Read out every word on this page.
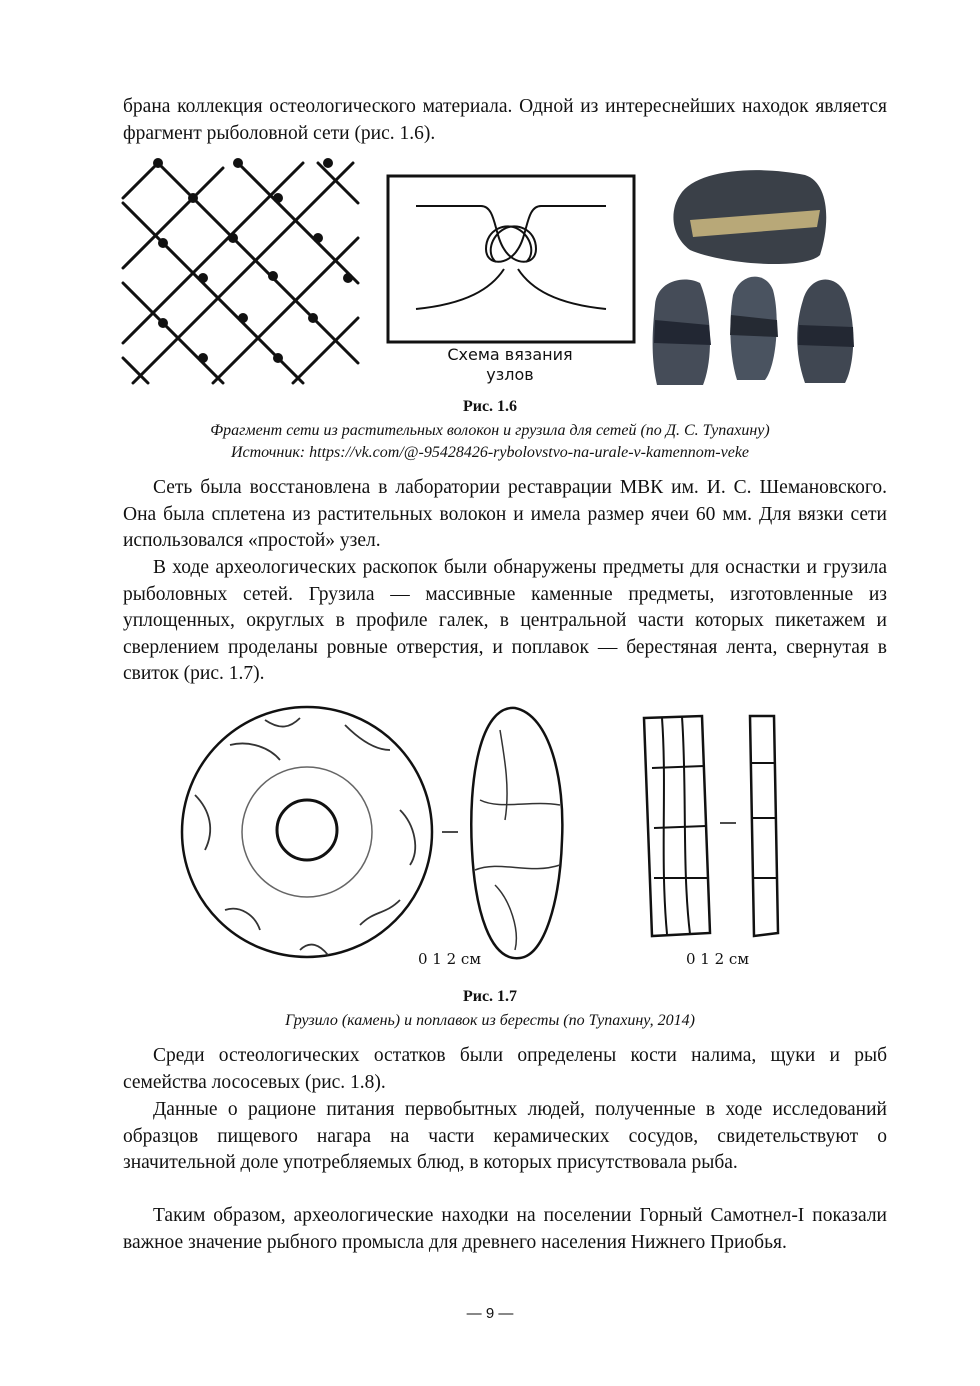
брана коллекция остеологического материала. Одной из интереснейших находок является фрагмент рыболовной сети (рис. 1.6).

Схема вязания
узлов
Рис. 1.6
Фрагмент сети из растительных волокон и грузила для сетей (по Д. С. Тупахину)
Источник: https://vk.com/@-95428426-rybolovstvo-na-urale-v-kamennom-veke

Сеть была восстановлена в лаборатории реставрации МВК им. И. С. Шемановского. Она была сплетена из растительных волокон и имела размер ячеи 60 мм. Для вязки сети использовался «простой» узел.

В ходе археологических раскопок были обнаружены предметы для оснастки и грузила рыболовных сетей. Грузила — массивные каменные предметы, изготовленные из уплощенных, округлых в профиле галек, в центральной части которых пикетажем и сверлением проделаны ровные отверстия, и поплавок — берестяная лента, свернутая в свиток (рис. 1.7).

0 1 2 см	0 1 2 см
Рис. 1.7
Грузило (камень) и поплавок из бересты (по Тупахину, 2014)

Среди остеологических остатков были определены кости налима, щуки и рыб семейства лососевых (рис. 1.8).

Данные о рационе питания первобытных людей, полученные в ходе исследований образцов пищевого нагара на части керамических сосудов, свидетельствуют о значительной доле употребляемых блюд, в которых присутствовала рыба.

Таким образом, археологические находки на поселении Горный Самотнел-I показали важное значение рыбного промысла для древнего населения Нижнего Приобья.

— 9 —
